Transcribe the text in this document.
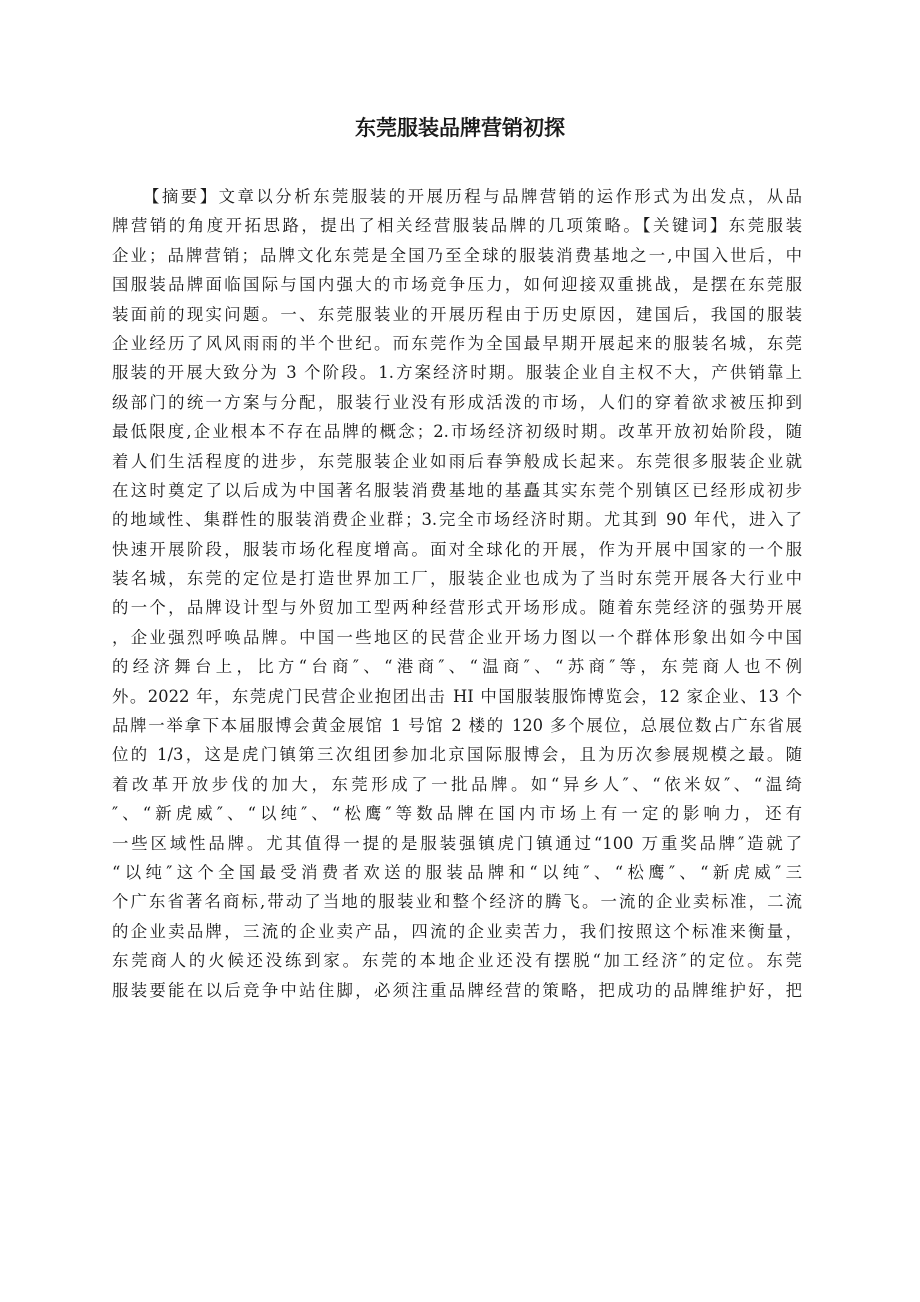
东莞服装品牌营销初探
【摘要】文章以分析东莞服装的开展历程与品牌营销的运作形式为出发点，从品
牌营销的角度开拓思路，提出了相关经营服装品牌的几项策略。【关键词】东莞服装
企业；品牌营销；品牌文化东莞是全国乃至全球的服装消费基地之一,中国入世后，中
国服装品牌面临国际与国内强大的市场竞争压力，如何迎接双重挑战，是摆在东莞服
装面前的现实问题。一、东莞服装业的开展历程由于历史原因，建国后，我国的服装
企业经历了风风雨雨的半个世纪。而东莞作为全国最早期开展起来的服装名城，东莞
服装的开展大致分为 3 个阶段。1.方案经济时期。服装企业自主权不大，产供销靠上
级部门的统一方案与分配，服装行业没有形成活泼的市场，人们的穿着欲求被压抑到
最低限度,企业根本不存在品牌的概念；2.市场经济初级时期。改革开放初始阶段，随
着人们生活程度的进步，东莞服装企业如雨后春笋般成长起来。东莞很多服装企业就
在这时奠定了以后成为中国著名服装消费基地的基矗其实东莞个别镇区已经形成初步
的地域性、集群性的服装消费企业群；3.完全市场经济时期。尤其到 90 年代，进入了
快速开展阶段，服装市场化程度增高。面对全球化的开展，作为开展中国家的一个服
装名城，东莞的定位是打造世界加工厂，服装企业也成为了当时东莞开展各大行业中
的一个，品牌设计型与外贸加工型两种经营形式开场形成。随着东莞经济的强势开展
，企业强烈呼唤品牌。中国一些地区的民营企业开场力图以一个群体形象出如今中国
的经济舞台上，比方“台商″、“港商″、“温商″、“苏商″等，东莞商人也不例
外。2022 年，东莞虎门民营企业抱团出击 HI 中国服装服饰博览会，12 家企业、13 个
品牌一举拿下本届服博会黄金展馆 1 号馆 2 楼的 120 多个展位，总展位数占广东省展
位的 1/3，这是虎门镇第三次组团参加北京国际服博会，且为历次参展规模之最。随
着改革开放步伐的加大，东莞形成了一批品牌。如“异乡人″、“依米奴″、“温绮
″、“新虎威″、“以纯″、“松鹰″等数品牌在国内市场上有一定的影响力，还有
一些区域性品牌。尤其值得一提的是服装强镇虎门镇通过“100 万重奖品牌″造就了
“以纯″这个全国最受消费者欢送的服装品牌和“以纯″、“松鹰″、“新虎威″三
个广东省著名商标,带动了当地的服装业和整个经济的腾飞。一流的企业卖标准，二流
的企业卖品牌，三流的企业卖产品，四流的企业卖苦力，我们按照这个标准来衡量，
东莞商人的火候还没练到家。东莞的本地企业还没有摆脱“加工经济″的定位。东莞
服装要能在以后竞争中站住脚，必须注重品牌经营的策略，把成功的品牌维护好，把
